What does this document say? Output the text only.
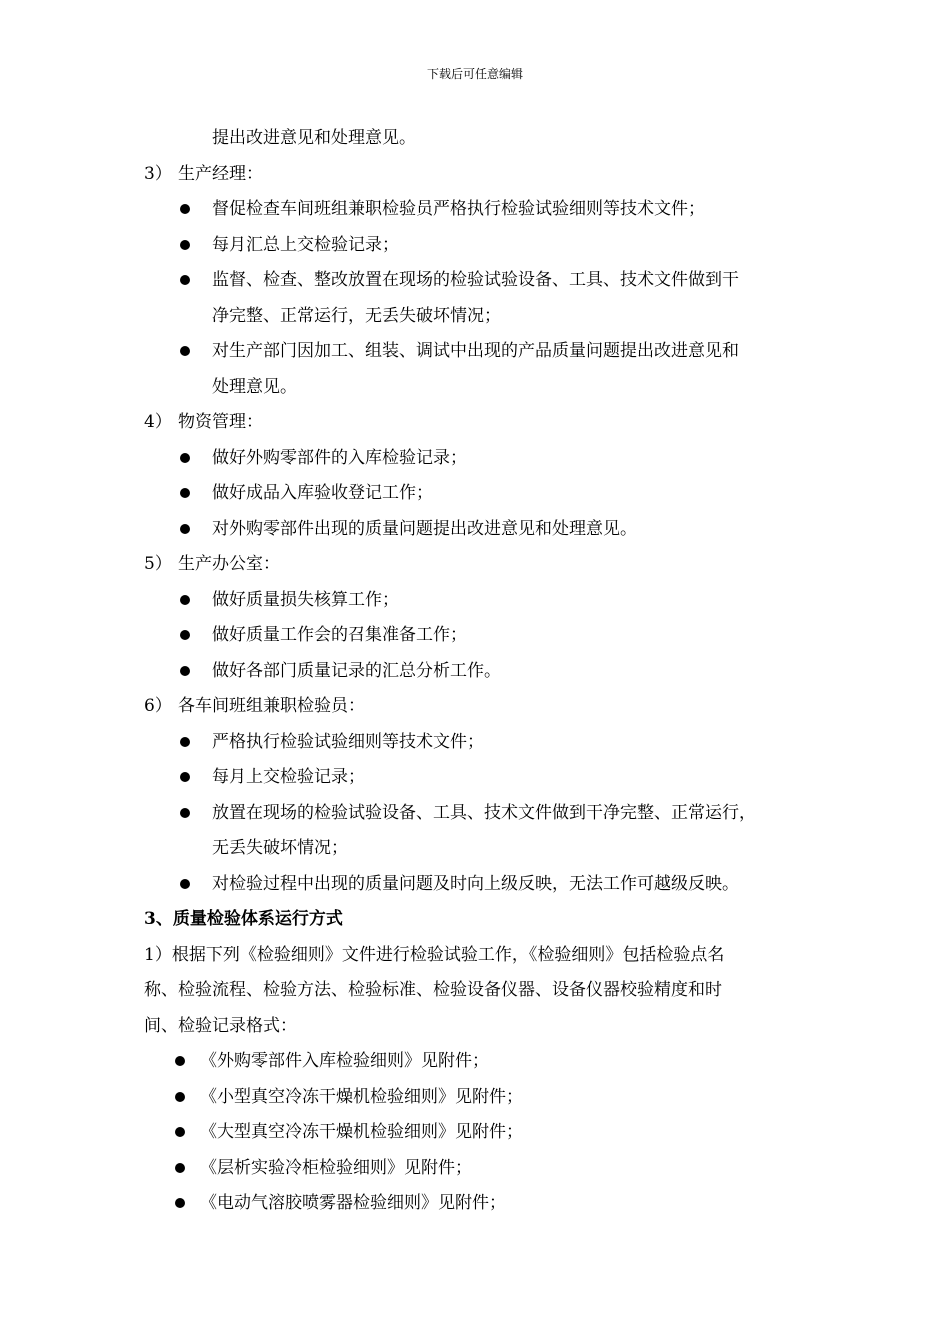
下载后可任意编辑
提出改进意见和处理意见。
3） 生产经理：
督促检查车间班组兼职检验员严格执行检验试验细则等技术文件；
每月汇总上交检验记录；
监督、检查、整改放置在现场的检验试验设备、工具、技术文件做到干
净完整、正常运行，无丢失破坏情况；
对生产部门因加工、组装、调试中出现的产品质量问题提出改进意见和
处理意见。
4） 物资管理：
做好外购零部件的入库检验记录；
做好成品入库验收登记工作；
对外购零部件出现的质量问题提出改进意见和处理意见。
5） 生产办公室：
做好质量损失核算工作；
做好质量工作会的召集准备工作；
做好各部门质量记录的汇总分析工作。
6） 各车间班组兼职检验员：
严格执行检验试验细则等技术文件；
每月上交检验记录；
放置在现场的检验试验设备、工具、技术文件做到干净完整、正常运行，
无丢失破坏情况；
对检验过程中出现的质量问题及时向上级反映，无法工作可越级反映。
3、质量检验体系运行方式
1）根据下列《检验细则》文件进行检验试验工作，《检验细则》包括检验点名
称、检验流程、检验方法、检验标准、检验设备仪器、设备仪器校验精度和时
间、检验记录格式：
《外购零部件入库检验细则》见附件；
《小型真空冷冻干燥机检验细则》见附件；
《大型真空冷冻干燥机检验细则》见附件；
《层析实验冷柜检验细则》见附件；
《电动气溶胶喷雾器检验细则》见附件；
